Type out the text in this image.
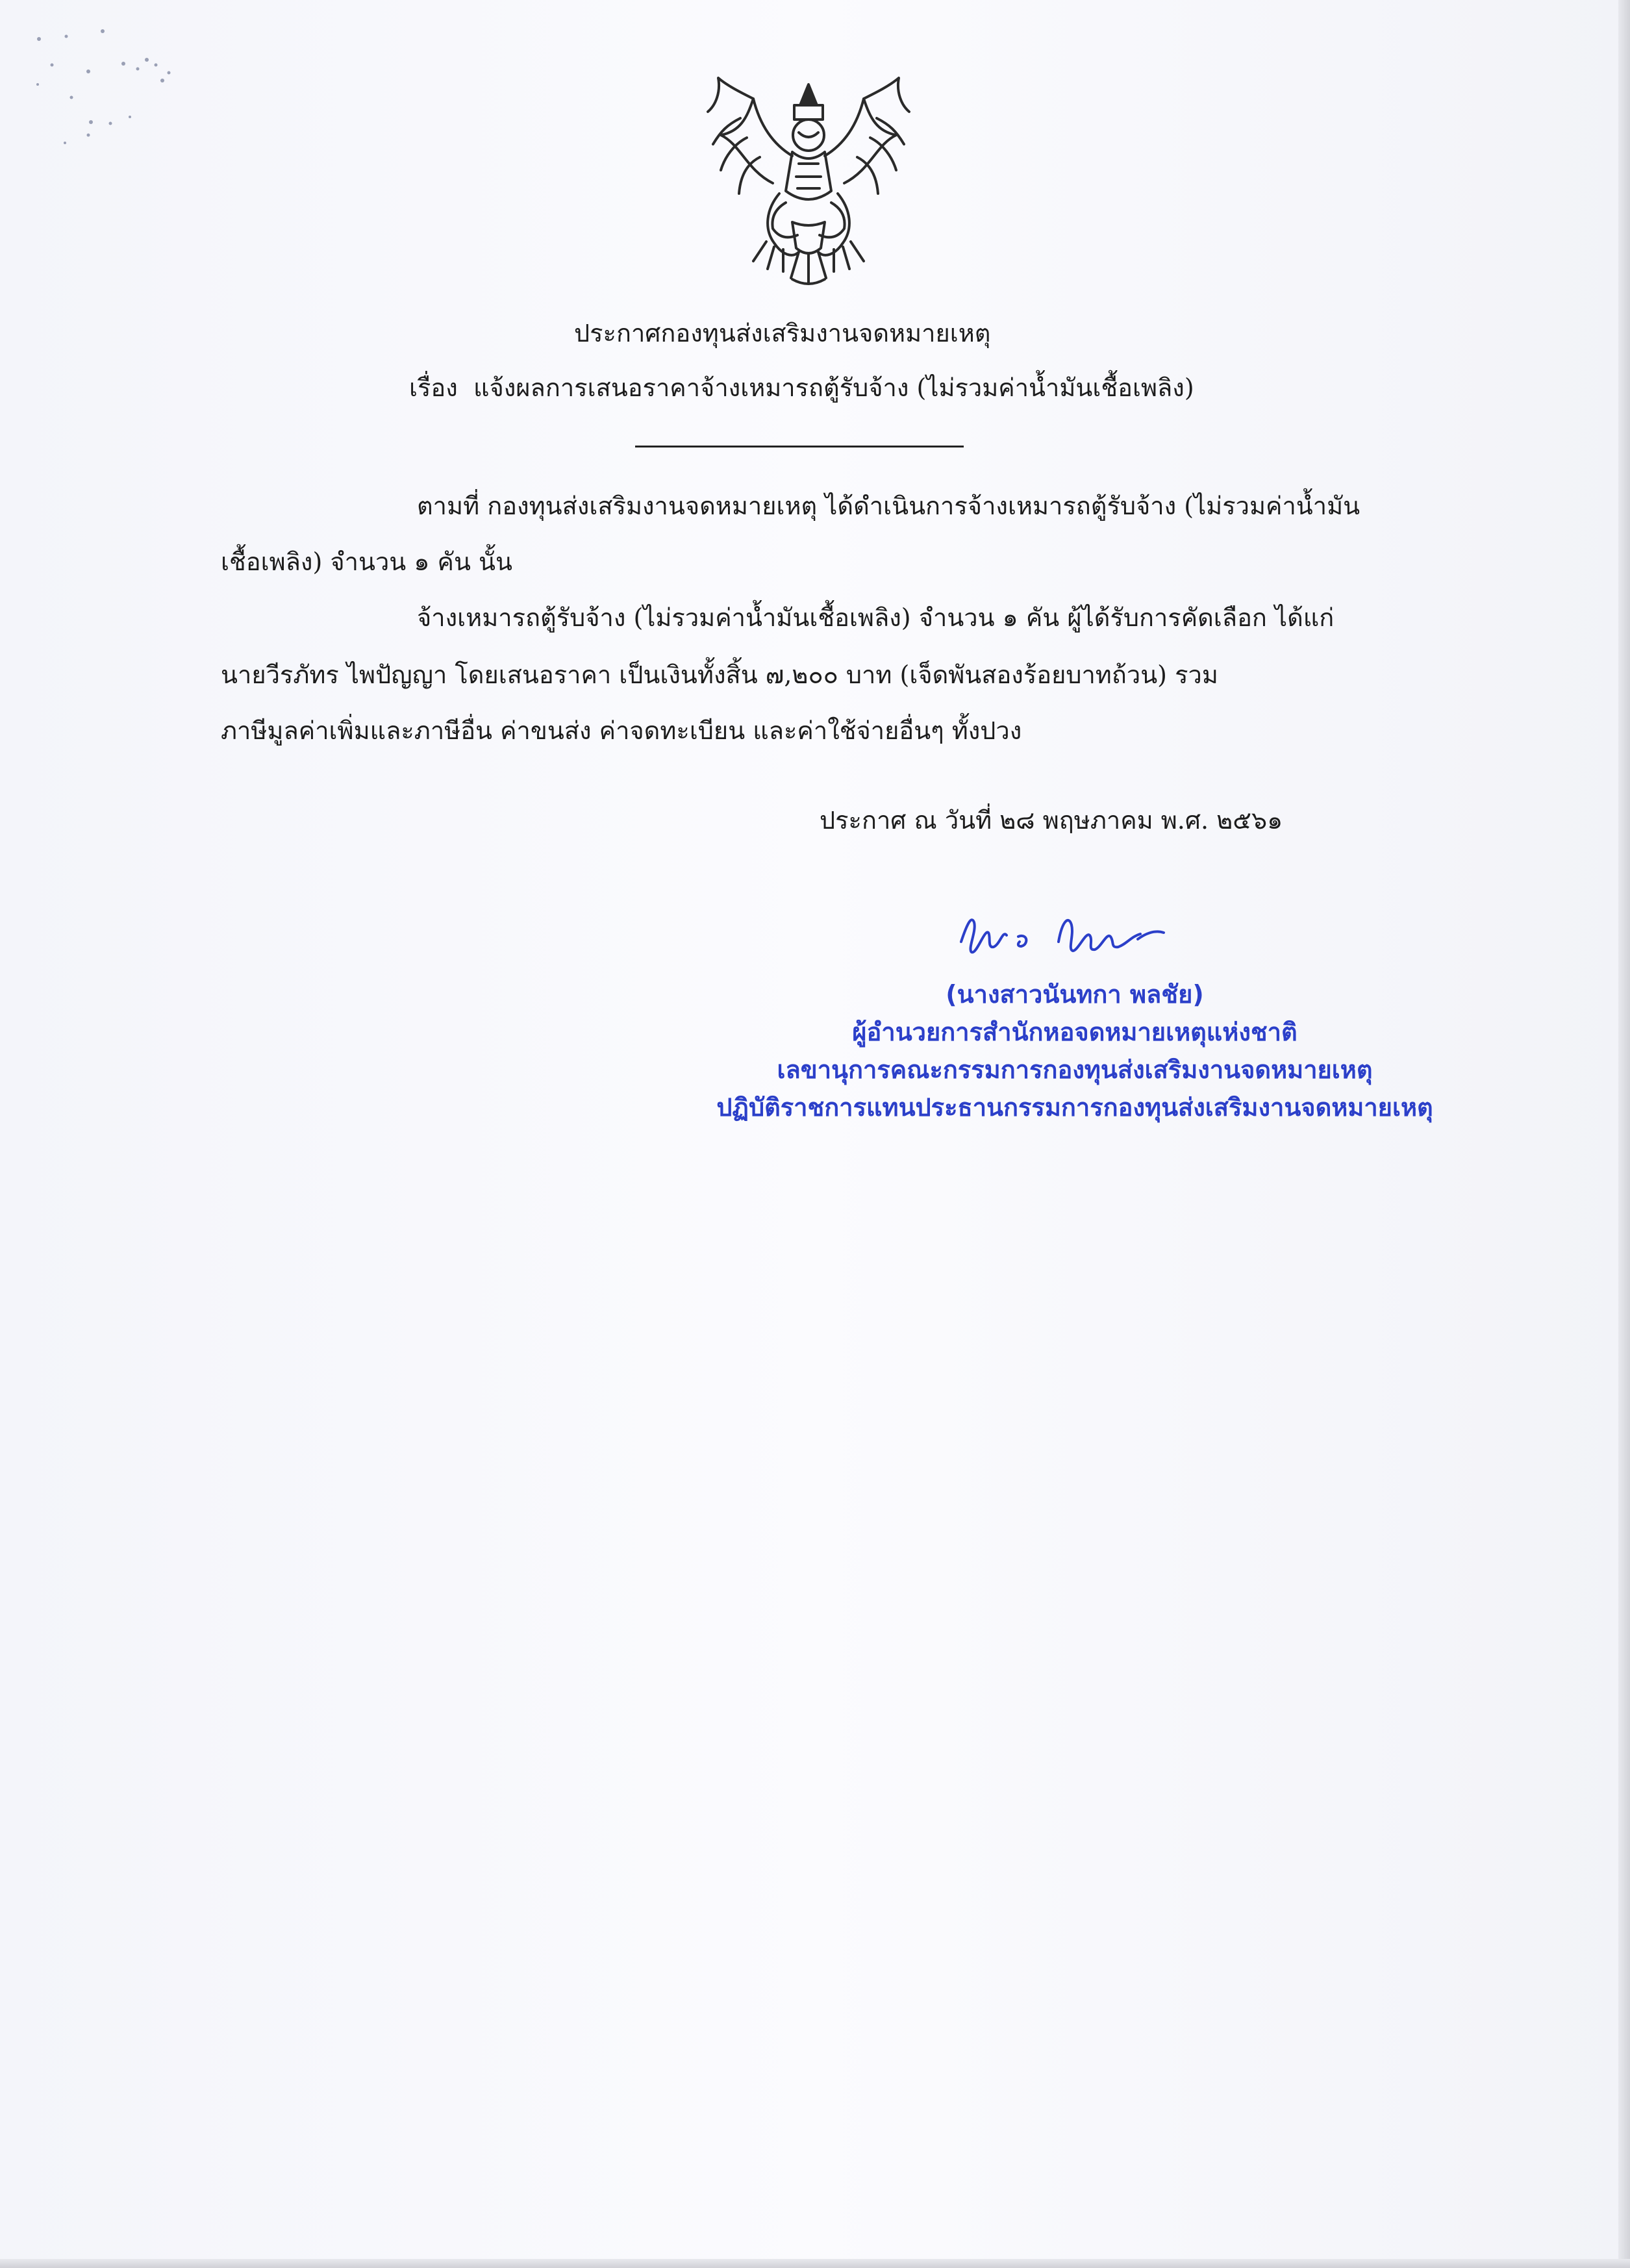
ประกาศกองทุนส่งเสริมงานจดหมายเหตุ
เรื่อง แจ้งผลการเสนอราคาจ้างเหมารถตู้รับจ้าง (ไม่รวมค่าน้ำมันเชื้อเพลิง)
ตามที่ กองทุนส่งเสริมงานจดหมายเหตุ ได้ดำเนินการจ้างเหมารถตู้รับจ้าง (ไม่รวมค่าน้ำมัน
เชื้อเพลิง) จำนวน ๑ คัน นั้น
จ้างเหมารถตู้รับจ้าง (ไม่รวมค่าน้ำมันเชื้อเพลิง) จำนวน ๑ คัน ผู้ได้รับการคัดเลือก ได้แก่
นายวีรภัทร ไพปัญญา โดยเสนอราคา เป็นเงินทั้งสิ้น ๗,๒๐๐ บาท (เจ็ดพันสองร้อยบาทถ้วน) รวม
ภาษีมูลค่าเพิ่มและภาษีอื่น ค่าขนส่ง ค่าจดทะเบียน และค่าใช้จ่ายอื่นๆ ทั้งปวง
ประกาศ ณ วันที่ ๒๘ พฤษภาคม พ.ศ. ๒๕๖๑
(นางสาวนันทกา พลชัย)
ผู้อำนวยการสำนักหอจดหมายเหตุแห่งชาติ
เลขานุการคณะกรรมการกองทุนส่งเสริมงานจดหมายเหตุ
ปฏิบัติราชการแทนประธานกรรมการกองทุนส่งเสริมงานจดหมายเหตุ
